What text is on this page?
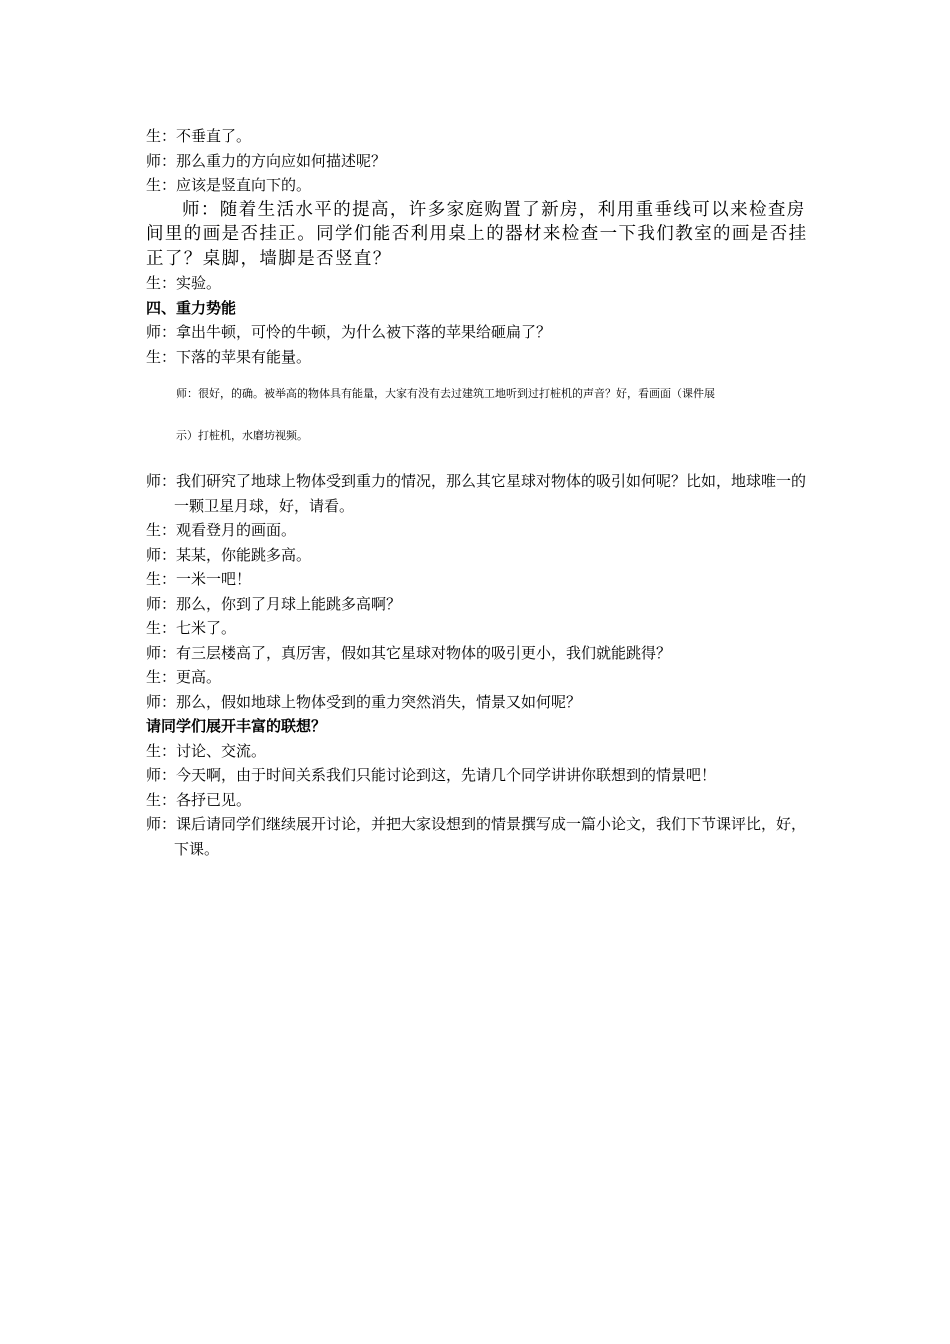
生：不垂直了。

师：那么重力的方向应如何描述呢？

生：应该是竖直向下的。

师：随着生活水平的提高，许多家庭购置了新房，利用重垂线可以来检查房间里的画是否挂正。同学们能否利用桌上的器材来检查一下我们教室的画是否挂正了？桌脚，墙脚是否竖直？

生：实验。

四、重力势能

师：拿出牛顿，可怜的牛顿，为什么被下落的苹果给砸扁了？

生：下落的苹果有能量。

师：很好，的确。被举高的物体具有能量，大家有没有去过建筑工地听到过打桩机的声音？好，看画面（课件展

示）打桩机，水磨坊视频。

师：我们研究了地球上物体受到重力的情况，那么其它星球对物体的吸引如何呢？比如，地球唯一的一颗卫星月球，好，请看。

生：观看登月的画面。

师：某某，你能跳多高。

生：一米一吧！

师：那么，你到了月球上能跳多高啊？

生：七米了。

师：有三层楼高了，真厉害，假如其它星球对物体的吸引更小，我们就能跳得？

生：更高。

师：那么，假如地球上物体受到的重力突然消失，情景又如何呢？

请同学们展开丰富的联想？

生：讨论、交流。

师：今天啊，由于时间关系我们只能讨论到这，先请几个同学讲讲你联想到的情景吧！

生：各抒已见。

师：课后请同学们继续展开讨论，并把大家设想到的情景撰写成一篇小论文，我们下节课评比，好，下课。
